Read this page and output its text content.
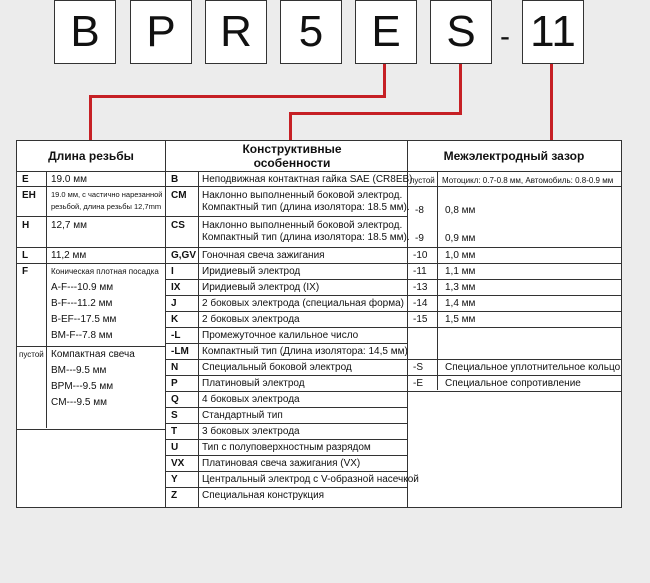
B	P	R	5	E	S - 11
Длина резьбы	Конструктивные особенности	Межэлектродный зазор
E 19.0 мм
EH 19.0 мм, с частично нарезанной
резьбой, длина резьбы 12,7mm
H 12,7 мм
L 11,2 мм
F	Коническая плотная посадка
A-F---10.9 мм
B-F---11.2 мм
B-EF--17.5 мм
BM-F--7.8 мм
пустой Компактная свеча
BM---9.5 мм
BPM---9.5 мм
CM---9.5 мм
B Неподвижная контактная гайка SAE (CR8EB)
CM Наклонно выполненный боковой электрод.
Компактный тип (длина изолятора: 18.5 мм).
CS Наклонно выполненный боковой электрод.
Компактный тип (длина изолятора: 18.5 мм).
G,GV Гоночная свеча зажигания
I	Иридиевый электрод
IX Иридиевый электрод (IX)
J	2 боковых электрода (специальная форма)
K 2 боковых электрода
-L Промежуточное калильное число
-LM Компактный тип (Длина изолятора: 14,5 мм)
N Специальный боковой электрод
P Платиновый электрод
Q 4 боковых электрода
S Стандартный тип
T 3 боковых электрода
U Тип с полуповерхностным разрядом
VX Платиновая свеча зажигания (VX)
Y Центральный электрод с V-образной насечкой
Z Специальная конструкция
пустой Мотоцикл: 0.7-0.8 мм, Автомобиль: 0.8-0.9 мм
-8 0,8 мм
-9 0,9 мм
-10 1,0 мм
-11 1,1 мм
-13 1,3 мм
-14 1,4 мм
-15 1,5 мм
-S Специальное уплотнительное кольцо
-E Специальное сопротивление
